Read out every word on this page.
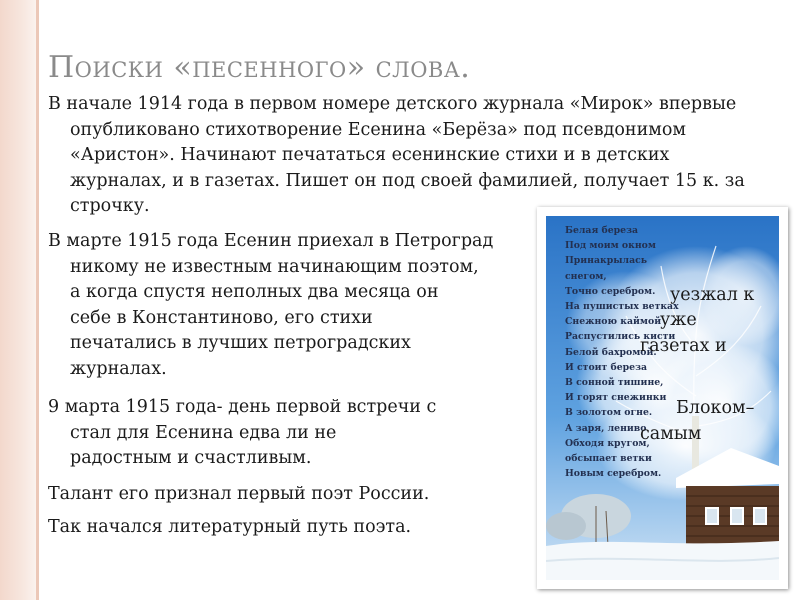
Поиски «песенного» слова.
В начале 1914 года в первом номере детского журнала «Мирок» впервые
опубликовано стихотворение Есенина «Берёза» под псевдонимом
«Аристон». Начинают печататься есенинские стихи и в детских
журналах, и в газетах. Пишет он под своей фамилией, получает 15 к. за
строчку.
В марте 1915 года Есенин приехал в Петроград
никому не известным начинающим поэтом,
а когда спустя неполных два месяца он
себе в Константиново, его стихи
печатались в лучших петроградских
журналах.
9 марта 1915 года- день первой встречи с
стал для Есенина едва ли не
радостным и счастливым.
Талант его признал первый поэт России.
Так начался литературный путь поэта.
Белая береза
Под моим окном
Принакрылась
снегом,
Точно серебром.
На пушистых ветках
Снежною каймой
Распустились кисти
Белой бахромой.
И стоит береза
В сонной тишине,
И горят снежинки
В золотом огне.
А заря, лениво
Обходя кругом,
обсыпает ветки
Новым серебром.
уезжал к
уже
газетах и
Блоком–
самым
